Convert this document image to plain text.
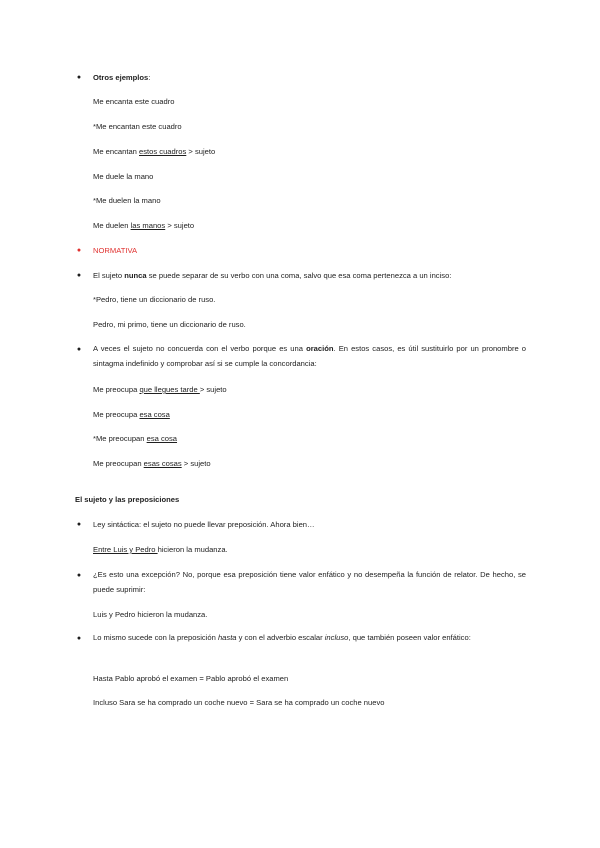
● Otros ejemplos:
Me encanta este cuadro
*Me encantan este cuadro
Me encantan estos cuadros > sujeto
Me duele la mano
*Me duelen la mano
Me duelen las manos > sujeto
● NORMATIVA
● El sujeto nunca se puede separar de su verbo con una coma, salvo que esa coma pertenezca a un inciso:
*Pedro, tiene un diccionario de ruso.
Pedro, mi primo, tiene un diccionario de ruso.
● A veces el sujeto no concuerda con el verbo porque es una oración. En estos casos, es útil sustituirlo por un pronombre o sintagma indefinido y comprobar así si se cumple la concordancia:
Me preocupa que llegues tarde > sujeto
Me preocupa esa cosa
*Me preocupan esa cosa
Me preocupan esas cosas > sujeto
El sujeto y las preposiciones
● Ley sintáctica: el sujeto no puede llevar preposición. Ahora bien…
Entre Luis y Pedro hicieron la mudanza.
● ¿Es esto una excepción? No, porque esa preposición tiene valor enfático y no desempeña la función de relator. De hecho, se puede suprimir:
Luis y Pedro hicieron la mudanza.
● Lo mismo sucede con la preposición hasta y con el adverbio escalar incluso, que también poseen valor enfático:
Hasta Pablo aprobó el examen = Pablo aprobó el examen
Incluso Sara se ha comprado un coche nuevo = Sara se ha comprado un coche nuevo
